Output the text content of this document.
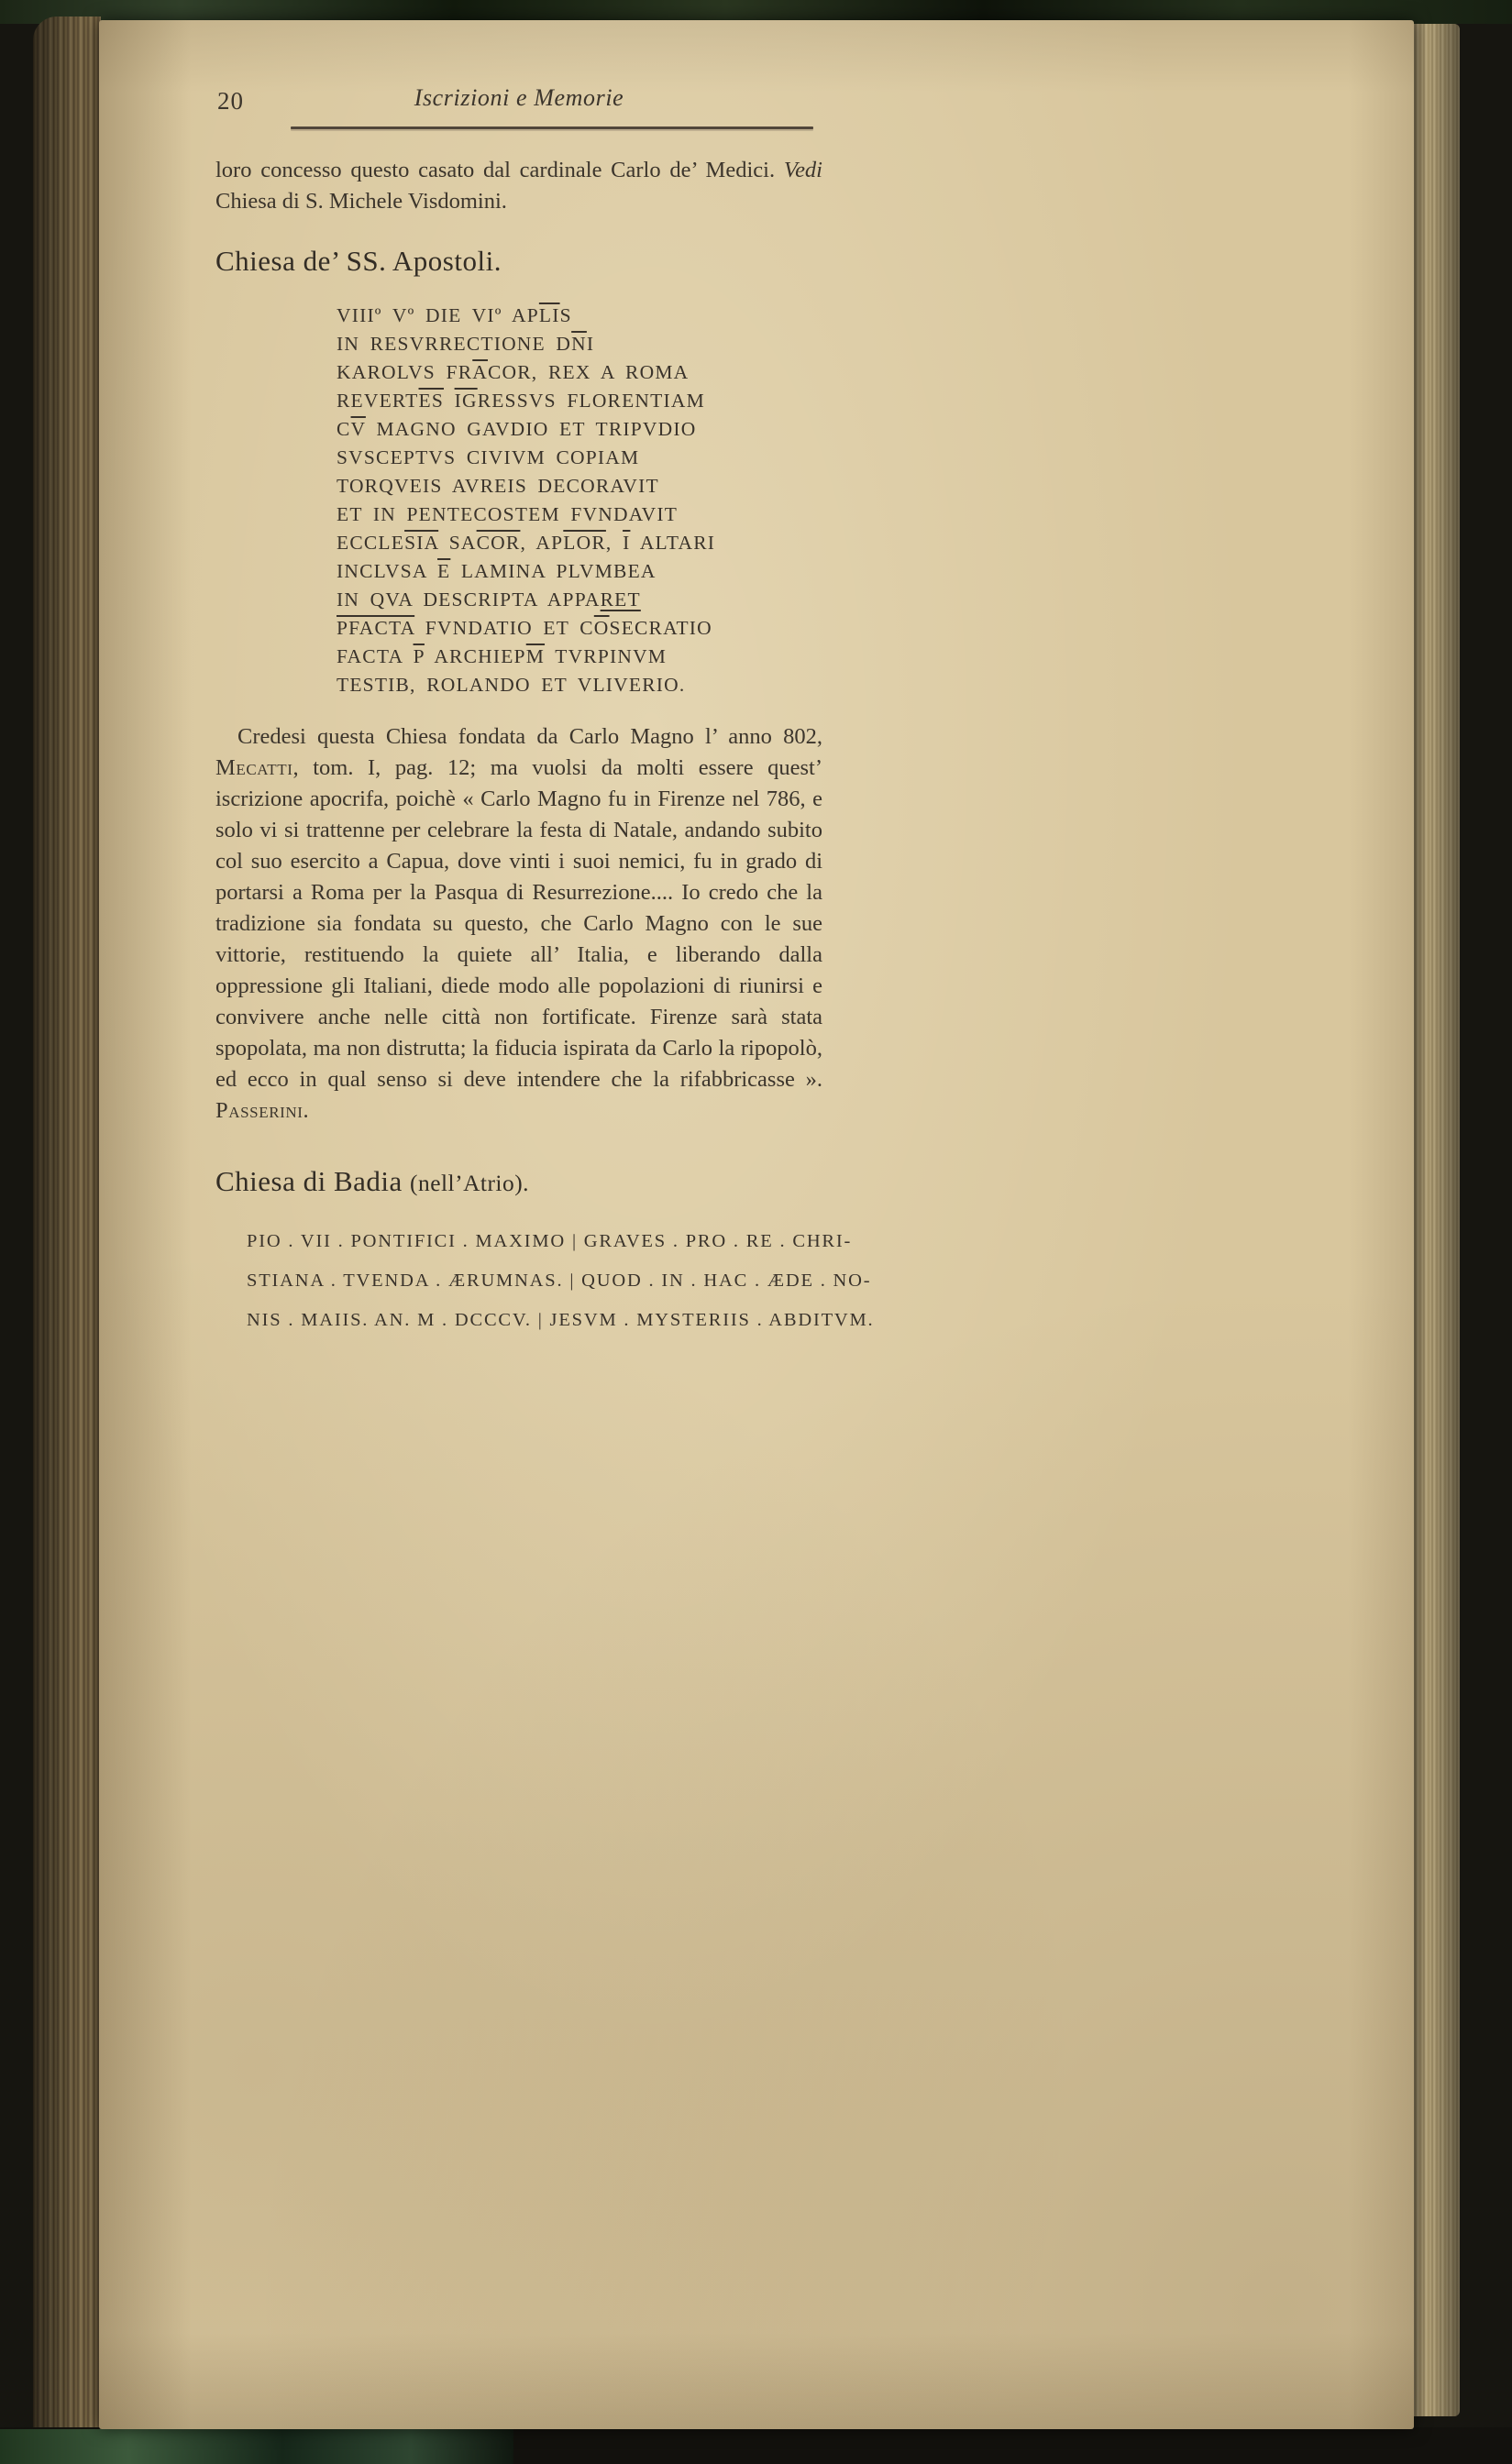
20	Iscrizioni e Memorie

loro concesso questo casato dal cardinale Carlo de’ Medici. Vedi Chiesa di S. Michele Visdomini.

Chiesa de’ SS. Apostoli.
VIIIº Vº DIE VIº $AP\overline{LI}S$
IN RESVRRECTIONE $D\overline{N}I$
KAROLVS $FR\overline{A}COR$, REX A ROMA
$REVERT\overline{ES}$ $\overline{IG}RESSVS$ FLORENTIAM
$C\overline{V}$ MAGNO GAVDIO ET TRIPVDIO
SVSCEPTVS CIVIVM COPIAM
TORQVEIS AVREIS DECORAVIT
ET IN PENTECOSTEM FVNDAVIT
$ECCLE\overline{SIA}$ $SA\overline{COR}$, $AP\overline{LOR}$, $\overline{I}$ ALTARI
INCLVSA $\overline{E}$ LAMINA PLVMBEA
IN QVA DESCRIPTA APPARET
PFACTA FVNDATIO ET $C\overline{O}SECRATIO$
FACTA $\overline{P}$ $ARCHIEP\overline{M}$ TVRPINVM
TESTIB, ROLANDO ET VLIVERIO.

Credesi questa Chiesa fondata da Carlo Magno l’ anno 802, Mecatti, tom. I, pag. 12; ma vuolsi da molti essere quest’ iscrizione apocrifa, poichè « Carlo Magno fu in Firenze nel 786, e solo vi si trattenne per celebrare la festa di Natale, andando subito col suo esercito a Capua, dove vinti i suoi nemici, fu in grado di portarsi a Roma per la Pasqua di Resurrezione.... Io credo che la tradizione sia fondata su questo, che Carlo Magno con le sue vittorie, restituendo la quiete all’ Italia, e liberando dalla oppressione gli Italiani, diede modo alle popolazioni di riunirsi e convivere anche nelle città non fortificate. Firenze sarà stata spopolata, ma non distrutta; la fiducia ispirata da Carlo la ripopolò, ed ecco in qual senso si deve intendere che la rifabbricasse ». Passerini.

Chiesa di Badia (nell’Atrio).
PIO . VII . PONTIFICI . MAXIMO | GRAVES . PRO . RE . CHRI-
STIANA . TVENDA . ÆRUMNAS. | QUOD . IN . HAC . ÆDE . NO-
NIS . MAIIS. AN. M . DCCCV. | JESVM . MYSTERIIS . ABDITVM.
